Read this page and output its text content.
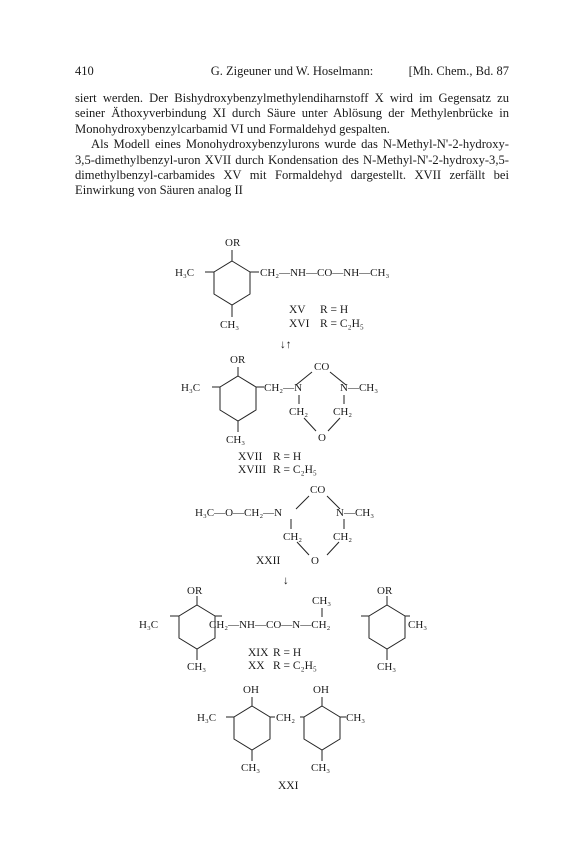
410	G. Zigeuner und W. Hoselmann:	[Mh. Chem., Bd. 87

siert werden. Der Bishydroxybenzylmethylendiharnstoff X wird im Gegensatz zu seiner Äthoxyverbindung XI durch Säure unter Ablösung der Methylenbrücke in Monohydroxybenzylcarbamid VI und Formaldehyd gespalten.

Als Modell eines Monohydroxybenzylurons wurde das N-Methyl-N'-2-hydroxy-3,5-dimethylbenzyl-uron XVII durch Kondensation des N-Methyl-N'-2-hydroxy-3,5-dimethylbenzyl-carbamides XV mit Formaldehyd dargestellt. XVII zerfällt bei Einwirkung von Säuren analog II

OR
H₃C	CH₂—NH—CO—NH—CH₃
CH₃
XV R = H
XVI R = C₂H₅
↓↑
OR
H₃C	CH₂—N
CO
N—CH₃
CH₂ CH₂
O
CH₃
XVII R = H
XVIII R = C₂H₅
CO
H₃C—O—CH₂—N	N—CH₃
CH₂	CH₂
O
XXII
↓
OR	OR
H₃C	CH₂—NH—CO—N—CH₂
CH₃
CH₃
CH₃	CH₃
XIX R = H
XX R = C₂H₅
OH	OH
H₃C	CH₂	CH₃
CH₃	CH₃
XXI
